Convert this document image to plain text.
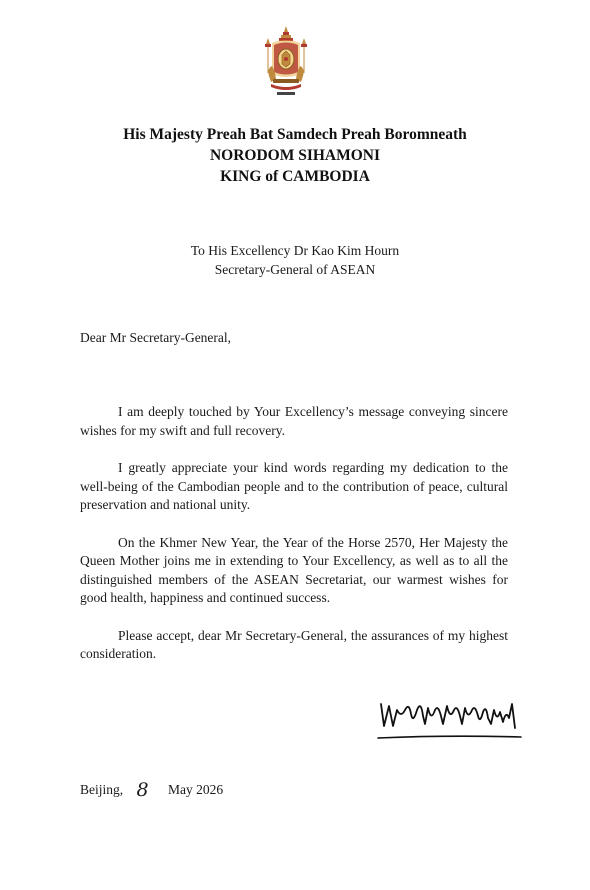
His Majesty Preah Bat Samdech Preah Boromneath
NORODOM SIHAMONI
KING of CAMBODIA
To His Excellency Dr Kao Kim Hourn
Secretary-General of ASEAN
Dear Mr Secretary-General,

I am deeply touched by Your Excellency’s message conveying sincere wishes for my swift and full recovery.

I greatly appreciate your kind words regarding my dedication to the well-being of the Cambodian people and to the contribution of peace, cultural preservation and national unity.

On the Khmer New Year, the Year of the Horse 2570, Her Majesty the Queen Mother joins me in extending to Your Excellency, as well as to all the distinguished members of the ASEAN Secretariat, our warmest wishes for good health, happiness and continued success.

Please accept, dear Mr Secretary-General, the assurances of my highest consideration.

Beijing, 8 May 2026
